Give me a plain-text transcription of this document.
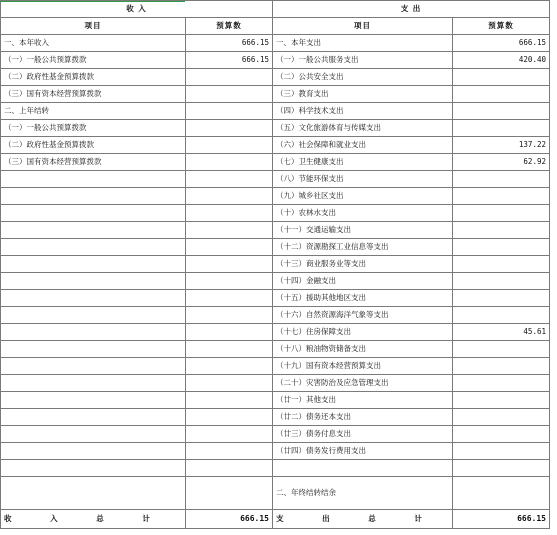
收 入		支 出	
项目	预算数	项目	预算数
一、本年收入	666.15	一、本年支出	666.15
（一）一般公共预算拨款	666.15	（一）一般公共服务支出	420.40
（二）政府性基金预算拨款		（二）公共安全支出	
（三）国有资本经营预算拨款		（三）教育支出	
二、上年结转		（四）科学技术支出	
（一）一般公共预算拨款		（五）文化旅游体育与传媒支出	
（二）政府性基金预算拨款		（六）社会保障和就业支出	137.22
（三）国有资本经营预算拨款		（七）卫生健康支出	62.92
		（八）节能环保支出	
		（九）城乡社区支出	
		（十）农林水支出	
		（十一）交通运输支出	
		（十二）资源勘探工业信息等支出	
		（十三）商业服务业等支出	
		（十四）金融支出	
		（十五）援助其他地区支出	
		（十六）自然资源海洋气象等支出	
		（十七）住房保障支出	45.61
		（十八）粮油物资储备支出	
		（十九）国有资本经营预算支出	
		（二十）灾害防治及应急管理支出	
		（廿一）其他支出	
		（廿二）债务还本支出	
		（廿三）债务付息支出	
		（廿四）债务发行费用支出	

		二、年终结转结余	
收 入 总 计	666.15	支 出 总 计	666.15
